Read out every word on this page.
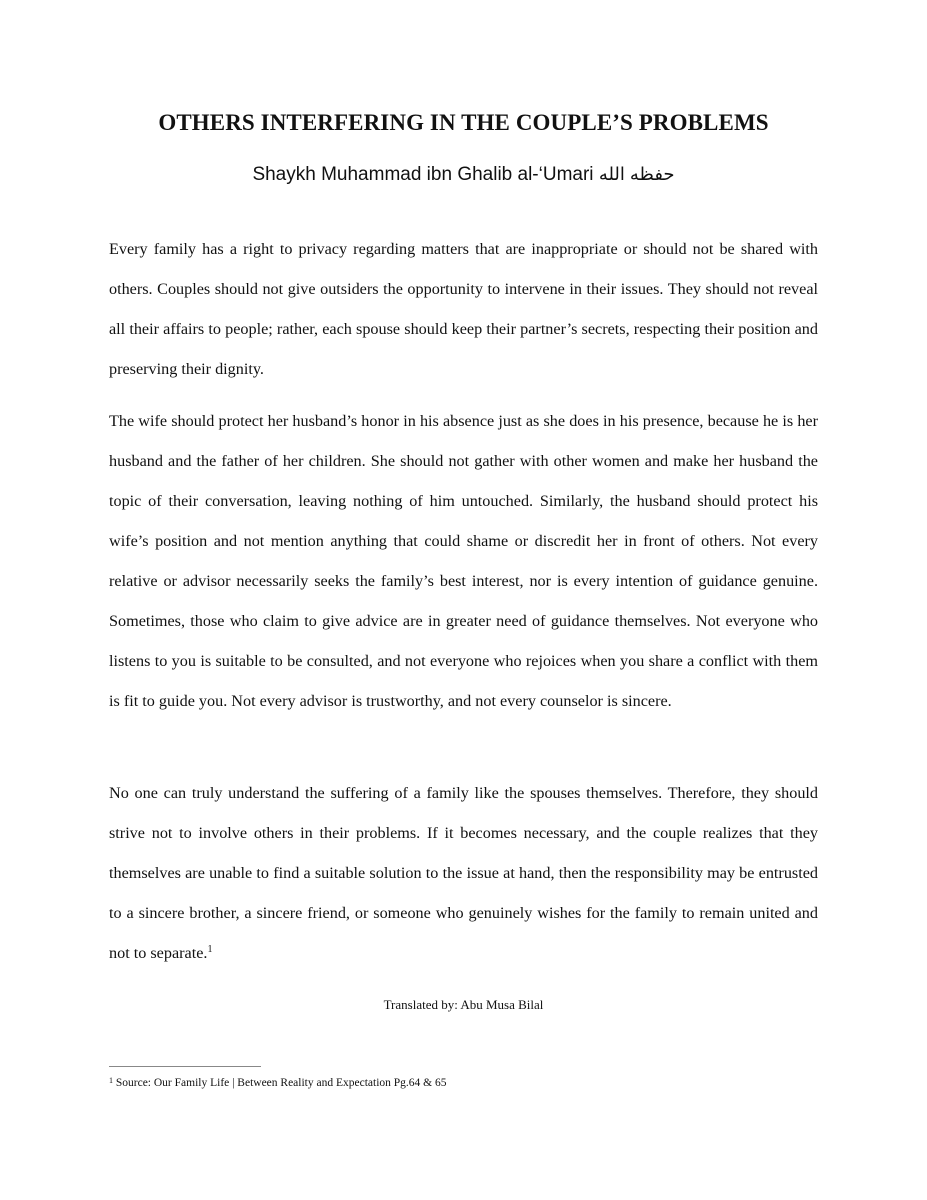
OTHERS INTERFERING IN THE COUPLE’S PROBLEMS

Shaykh Muhammad ibn Ghalib al-‘Umari حفظه الله

Every family has a right to privacy regarding matters that are inappropriate or should not be shared with others. Couples should not give outsiders the opportunity to intervene in their issues. They should not reveal all their affairs to people; rather, each spouse should keep their partner’s secrets, respecting their position and preserving their dignity.

The wife should protect her husband’s honor in his absence just as she does in his presence, because he is her husband and the father of her children. She should not gather with other women and make her husband the topic of their conversation, leaving nothing of him untouched. Similarly, the husband should protect his wife’s position and not mention anything that could shame or discredit her in front of others. Not every relative or advisor necessarily seeks the family’s best interest, nor is every intention of guidance genuine. Sometimes, those who claim to give advice are in greater need of guidance themselves. Not everyone who listens to you is suitable to be consulted, and not everyone who rejoices when you share a conflict with them is fit to guide you. Not every advisor is trustworthy, and not every counselor is sincere.

No one can truly understand the suffering of a family like the spouses themselves. Therefore, they should strive not to involve others in their problems. If it becomes necessary, and the couple realizes that they themselves are unable to find a suitable solution to the issue at hand, then the responsibility may be entrusted to a sincere brother, a sincere friend, or someone who genuinely wishes for the family to remain united and not to separate.$^1$

Translated by: Abu Musa Bilal

$^1$ Source: Our Family Life | Between Reality and Expectation Pg.64 & 65
